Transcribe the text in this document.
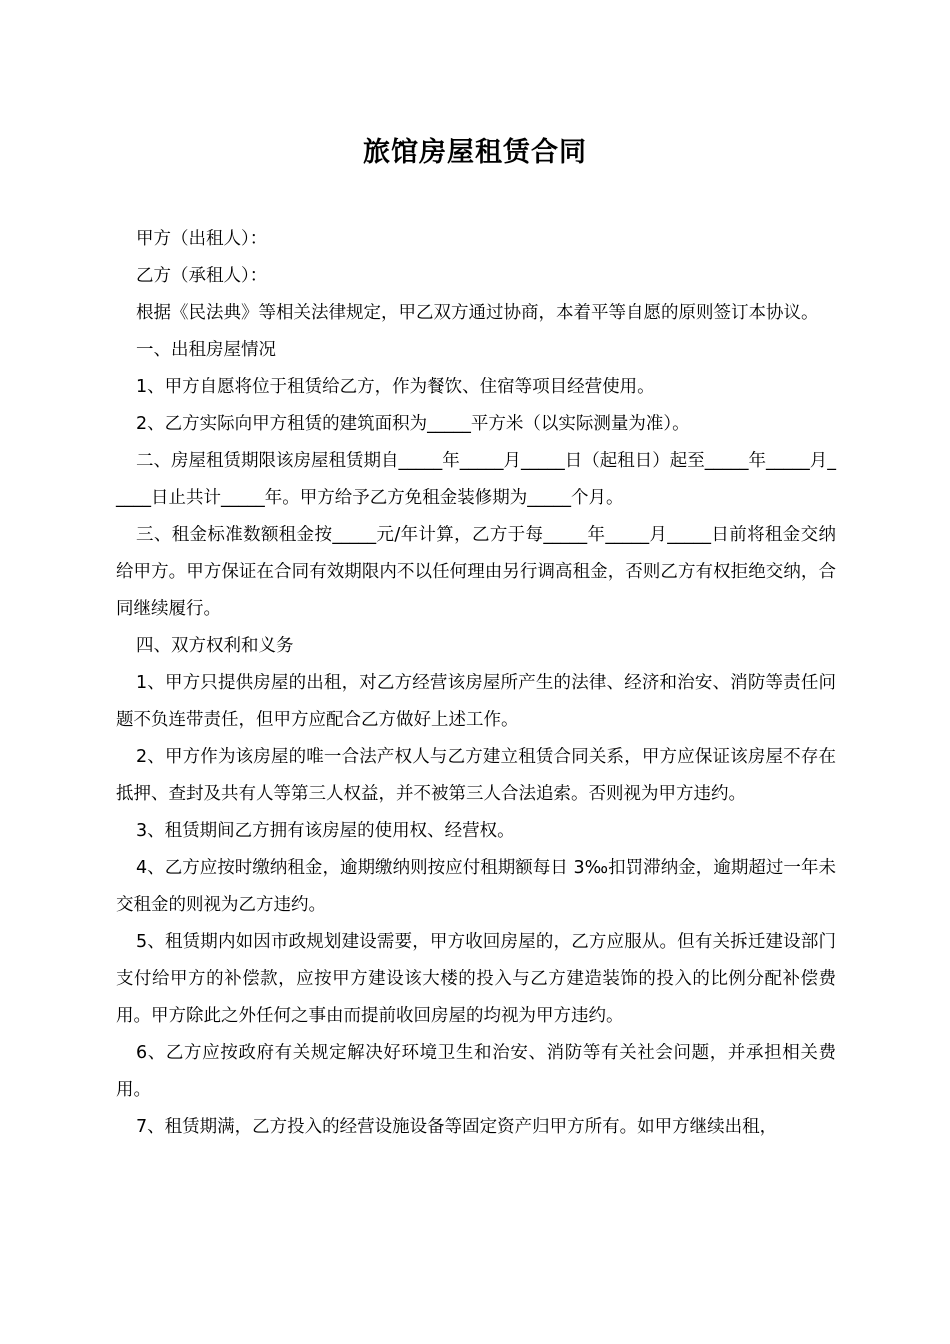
旅馆房屋租赁合同

甲方（出租人）：

乙方（承租人）：

根据《民法典》等相关法律规定，甲乙双方通过协商，本着平等自愿的原则签订本协议。

一、出租房屋情况

1、甲方自愿将位于租赁给乙方，作为餐饮、住宿等项目经营使用。

2、乙方实际向甲方租赁的建筑面积为_____平方米（以实际测量为准）。

二、房屋租赁期限该房屋租赁期自_____年_____月_____日（起租日）起至_____年_____月_____日止共计_____年。甲方给予乙方免租金装修期为_____个月。

三、租金标准数额租金按_____元/年计算，乙方于每_____年_____月_____日前将租金交纳给甲方。甲方保证在合同有效期限内不以任何理由另行调高租金，否则乙方有权拒绝交纳，合同继续履行。

四、双方权利和义务

1、甲方只提供房屋的出租，对乙方经营该房屋所产生的法律、经济和治安、消防等责任问题不负连带责任，但甲方应配合乙方做好上述工作。

2、甲方作为该房屋的唯一合法产权人与乙方建立租赁合同关系，甲方应保证该房屋不存在抵押、查封及共有人等第三人权益，并不被第三人合法追索。否则视为甲方违约。

3、租赁期间乙方拥有该房屋的使用权、经营权。

4、乙方应按时缴纳租金，逾期缴纳则按应付租期额每日 3‰扣罚滞纳金，逾期超过一年未交租金的则视为乙方违约。

5、租赁期内如因市政规划建设需要，甲方收回房屋的，乙方应服从。但有关拆迁建设部门支付给甲方的补偿款，应按甲方建设该大楼的投入与乙方建造装饰的投入的比例分配补偿费用。甲方除此之外任何之事由而提前收回房屋的均视为甲方违约。

6、乙方应按政府有关规定解决好环境卫生和治安、消防等有关社会问题，并承担相关费用。

7、租赁期满，乙方投入的经营设施设备等固定资产归甲方所有。如甲方继续出租，
